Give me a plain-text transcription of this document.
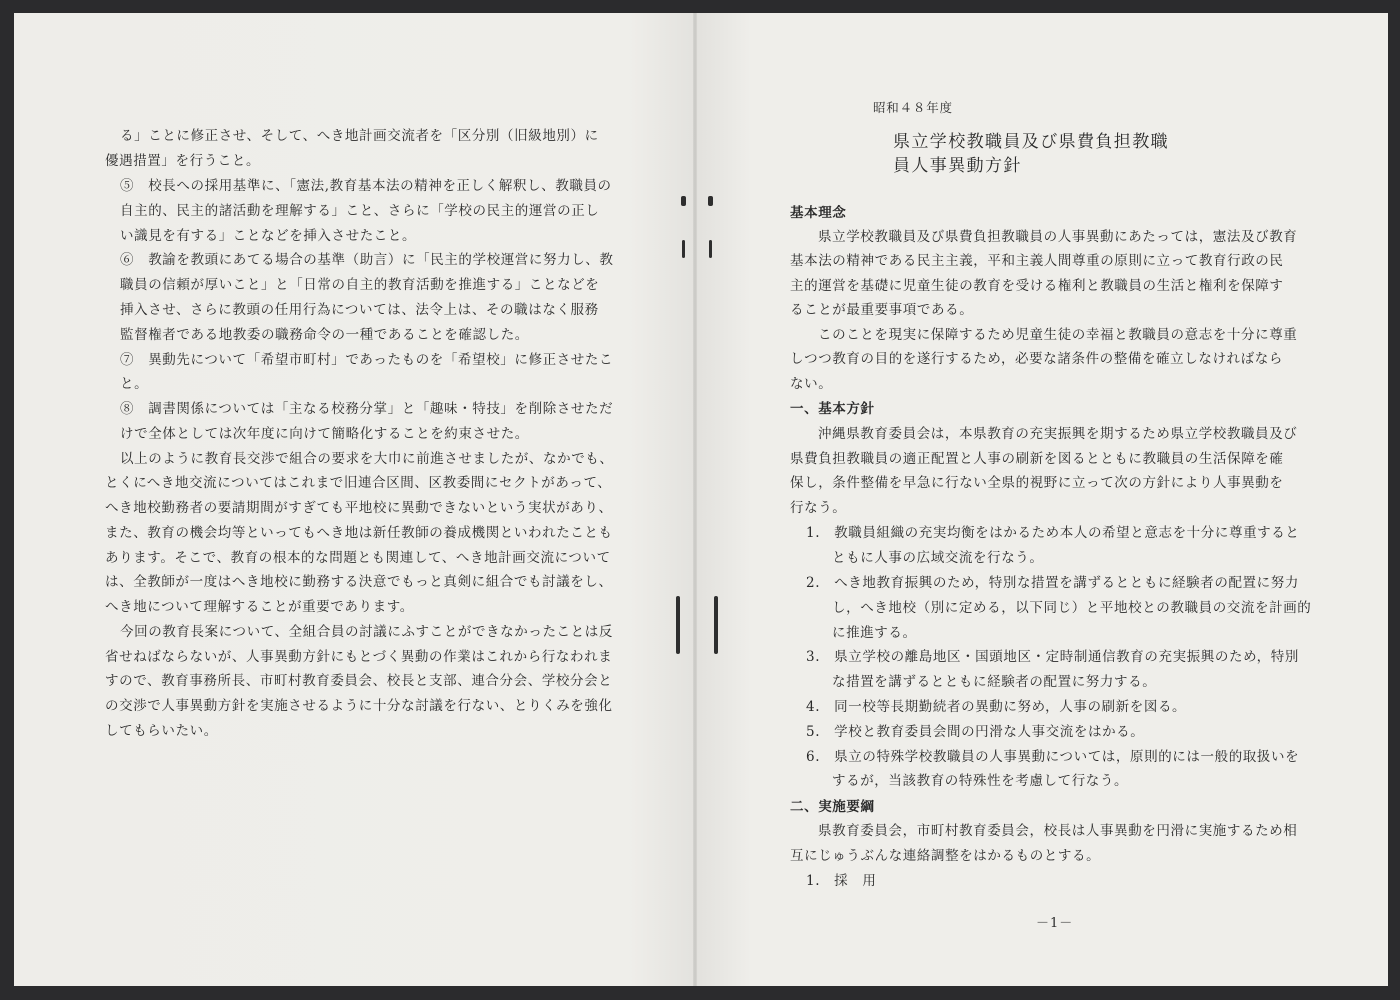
る」ことに修正させ、そして、へき地計画交流者を「区分別（旧級地別）に
優遇措置」を行うこと。
⑤　校長への採用基準に、「憲法,教育基本法の精神を正しく解釈し、教職員の
自主的、民主的諸活動を理解する」こと、さらに「学校の民主的運営の正し
い識見を有する」ことなどを挿入させたこと。
⑥　教諭を教頭にあてる場合の基準（助言）に「民主的学校運営に努力し、教
職員の信頼が厚いこと」と「日常の自主的教育活動を推進する」ことなどを
挿入させ、さらに教頭の任用行為については、法令上は、その職はなく服務
監督権者である地教委の職務命令の一種であることを確認した。
⑦　異動先について「希望市町村」であったものを「希望校」に修正させたこ
と。
⑧　調書関係については「主なる校務分掌」と「趣味・特技」を削除させただ
けで全体としては次年度に向けて簡略化することを約束させた。
以上のように教育長交渉で組合の要求を大巾に前進させましたが、なかでも、
とくにへき地交流についてはこれまで旧連合区間、区教委間にセクトがあって、
へき地校勤務者の要請期間がすぎても平地校に異動できないという実状があり、
また、教育の機会均等といってもへき地は新任教師の養成機関といわれたことも
あります。そこで、教育の根本的な問題とも関連して、へき地計画交流について
は、全教師が一度はへき地校に勤務する決意でもっと真剣に組合でも討議をし、
へき地について理解することが重要であります。
今回の教育長案について、全組合員の討議にふすことができなかったことは反
省せねばならないが、人事異動方針にもとづく異動の作業はこれから行なわれま
すので、教育事務所長、市町村教育委員会、校長と支部、連合分会、学校分会と
の交渉で人事異動方針を実施させるように十分な討議を行ない、とりくみを強化
してもらいたい。
昭和４８年度
県立学校教職員及び県費負担教職
員人事異動方針
基本理念
県立学校教職員及び県費負担教職員の人事異動にあたっては，憲法及び教育
基本法の精神である民主主義，平和主義人間尊重の原則に立って教育行政の民
主的運営を基礎に児童生徒の教育を受ける権利と教職員の生活と権利を保障す
ることが最重要事項である。
このことを現実に保障するため児童生徒の幸福と教職員の意志を十分に尊重
しつつ教育の目的を遂行するため，必要な諸条件の整備を確立しなければなら
ない。
一、基本方針
沖縄県教育委員会は，本県教育の充実振興を期するため県立学校教職員及び
県費負担教職員の適正配置と人事の刷新を図るとともに教職員の生活保障を確
保し，条件整備を早急に行ない全県的視野に立って次の方針により人事異動を
行なう。
1.　教職員組織の充実均衡をはかるため本人の希望と意志を十分に尊重すると
ともに人事の広域交流を行なう。
2.　へき地教育振興のため，特別な措置を講ずるとともに経験者の配置に努力
し，へき地校（別に定める，以下同じ）と平地校との教職員の交流を計画的
に推進する。
3.　県立学校の離島地区・国頭地区・定時制通信教育の充実振興のため，特別
な措置を講ずるとともに経験者の配置に努力する。
4.　同一校等長期勤続者の異動に努め，人事の刷新を図る。
5.　学校と教育委員会間の円滑な人事交流をはかる。
6.　県立の特殊学校教職員の人事異動については，原則的には一般的取扱いを
するが，当該教育の特殊性を考慮して行なう。
二、実施要綱
県教育委員会，市町村教育委員会，校長は人事異動を円滑に実施するため相
互にじゅうぶんな連絡調整をはかるものとする。
1.　採　用
－1－
